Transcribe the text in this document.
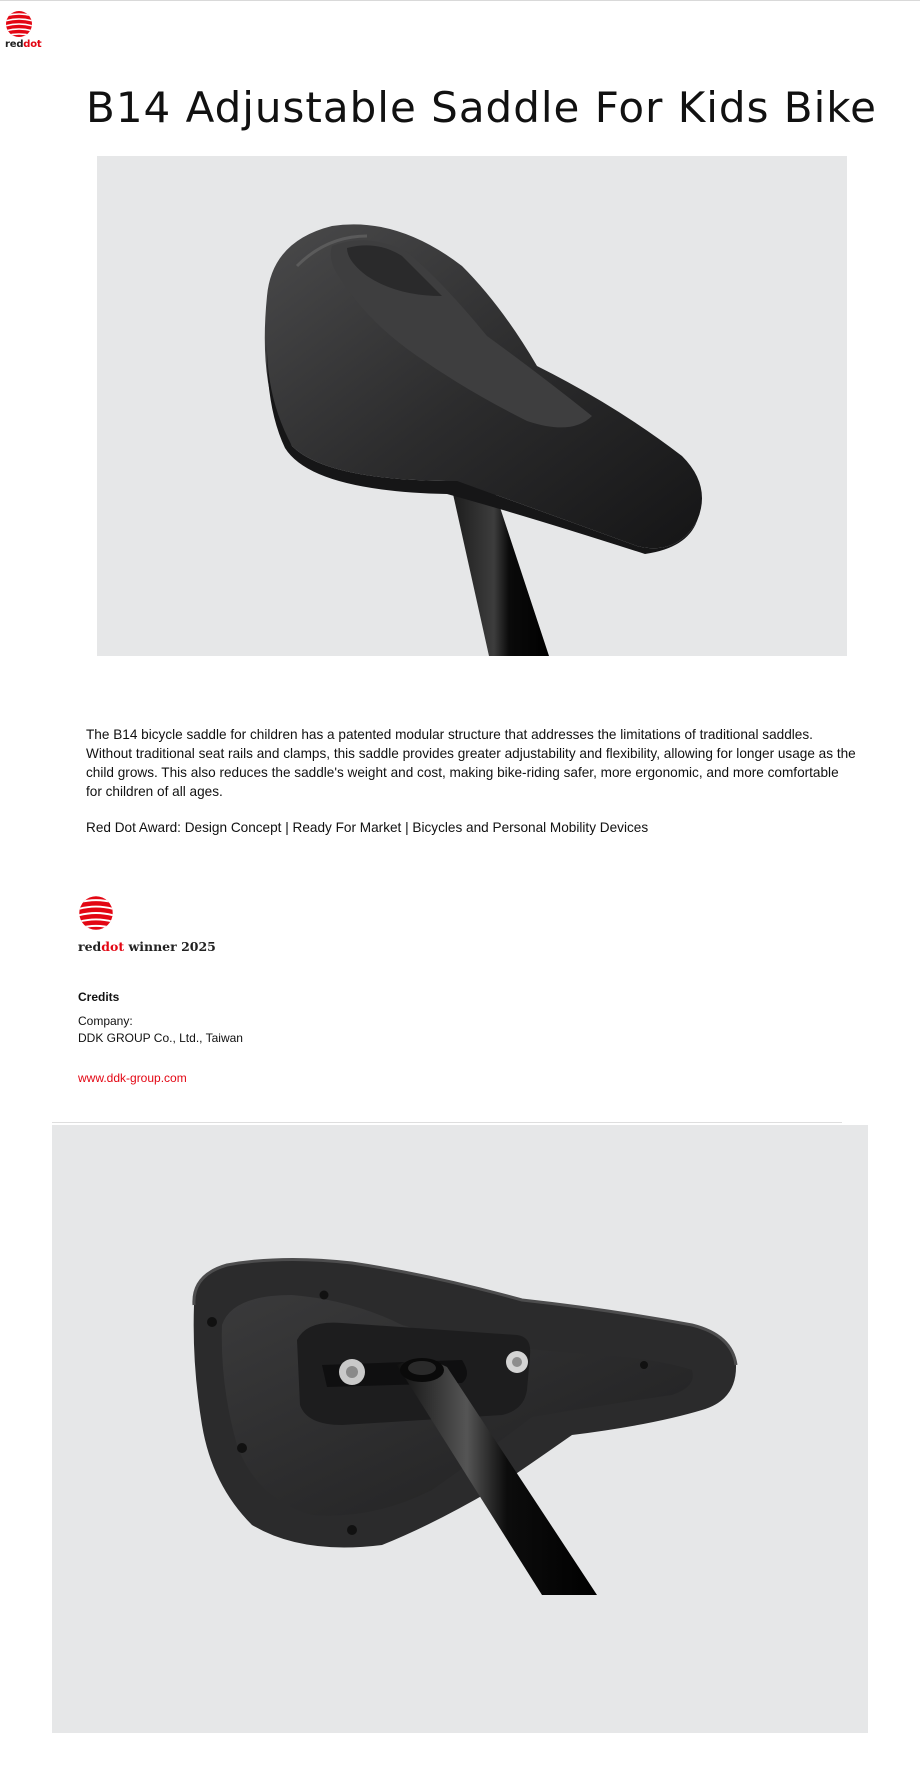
reddot
B14 Adjustable Saddle For Kids Bike

The B14 bicycle saddle for children has a patented modular structure that addresses the limitations of traditional saddles. Without traditional seat rails and clamps, this saddle provides greater adjustability and flexibility, allowing for longer usage as the child grows. This also reduces the saddle's weight and cost, making bike-riding safer, more ergonomic, and more comfortable for children of all ages.

Red Dot Award: Design Concept | Ready For Market | Bicycles and Personal Mobility Devices

reddot winner 2025
Credits
Company:
DDK GROUP Co., Ltd., Taiwan
www.ddk-group.com
